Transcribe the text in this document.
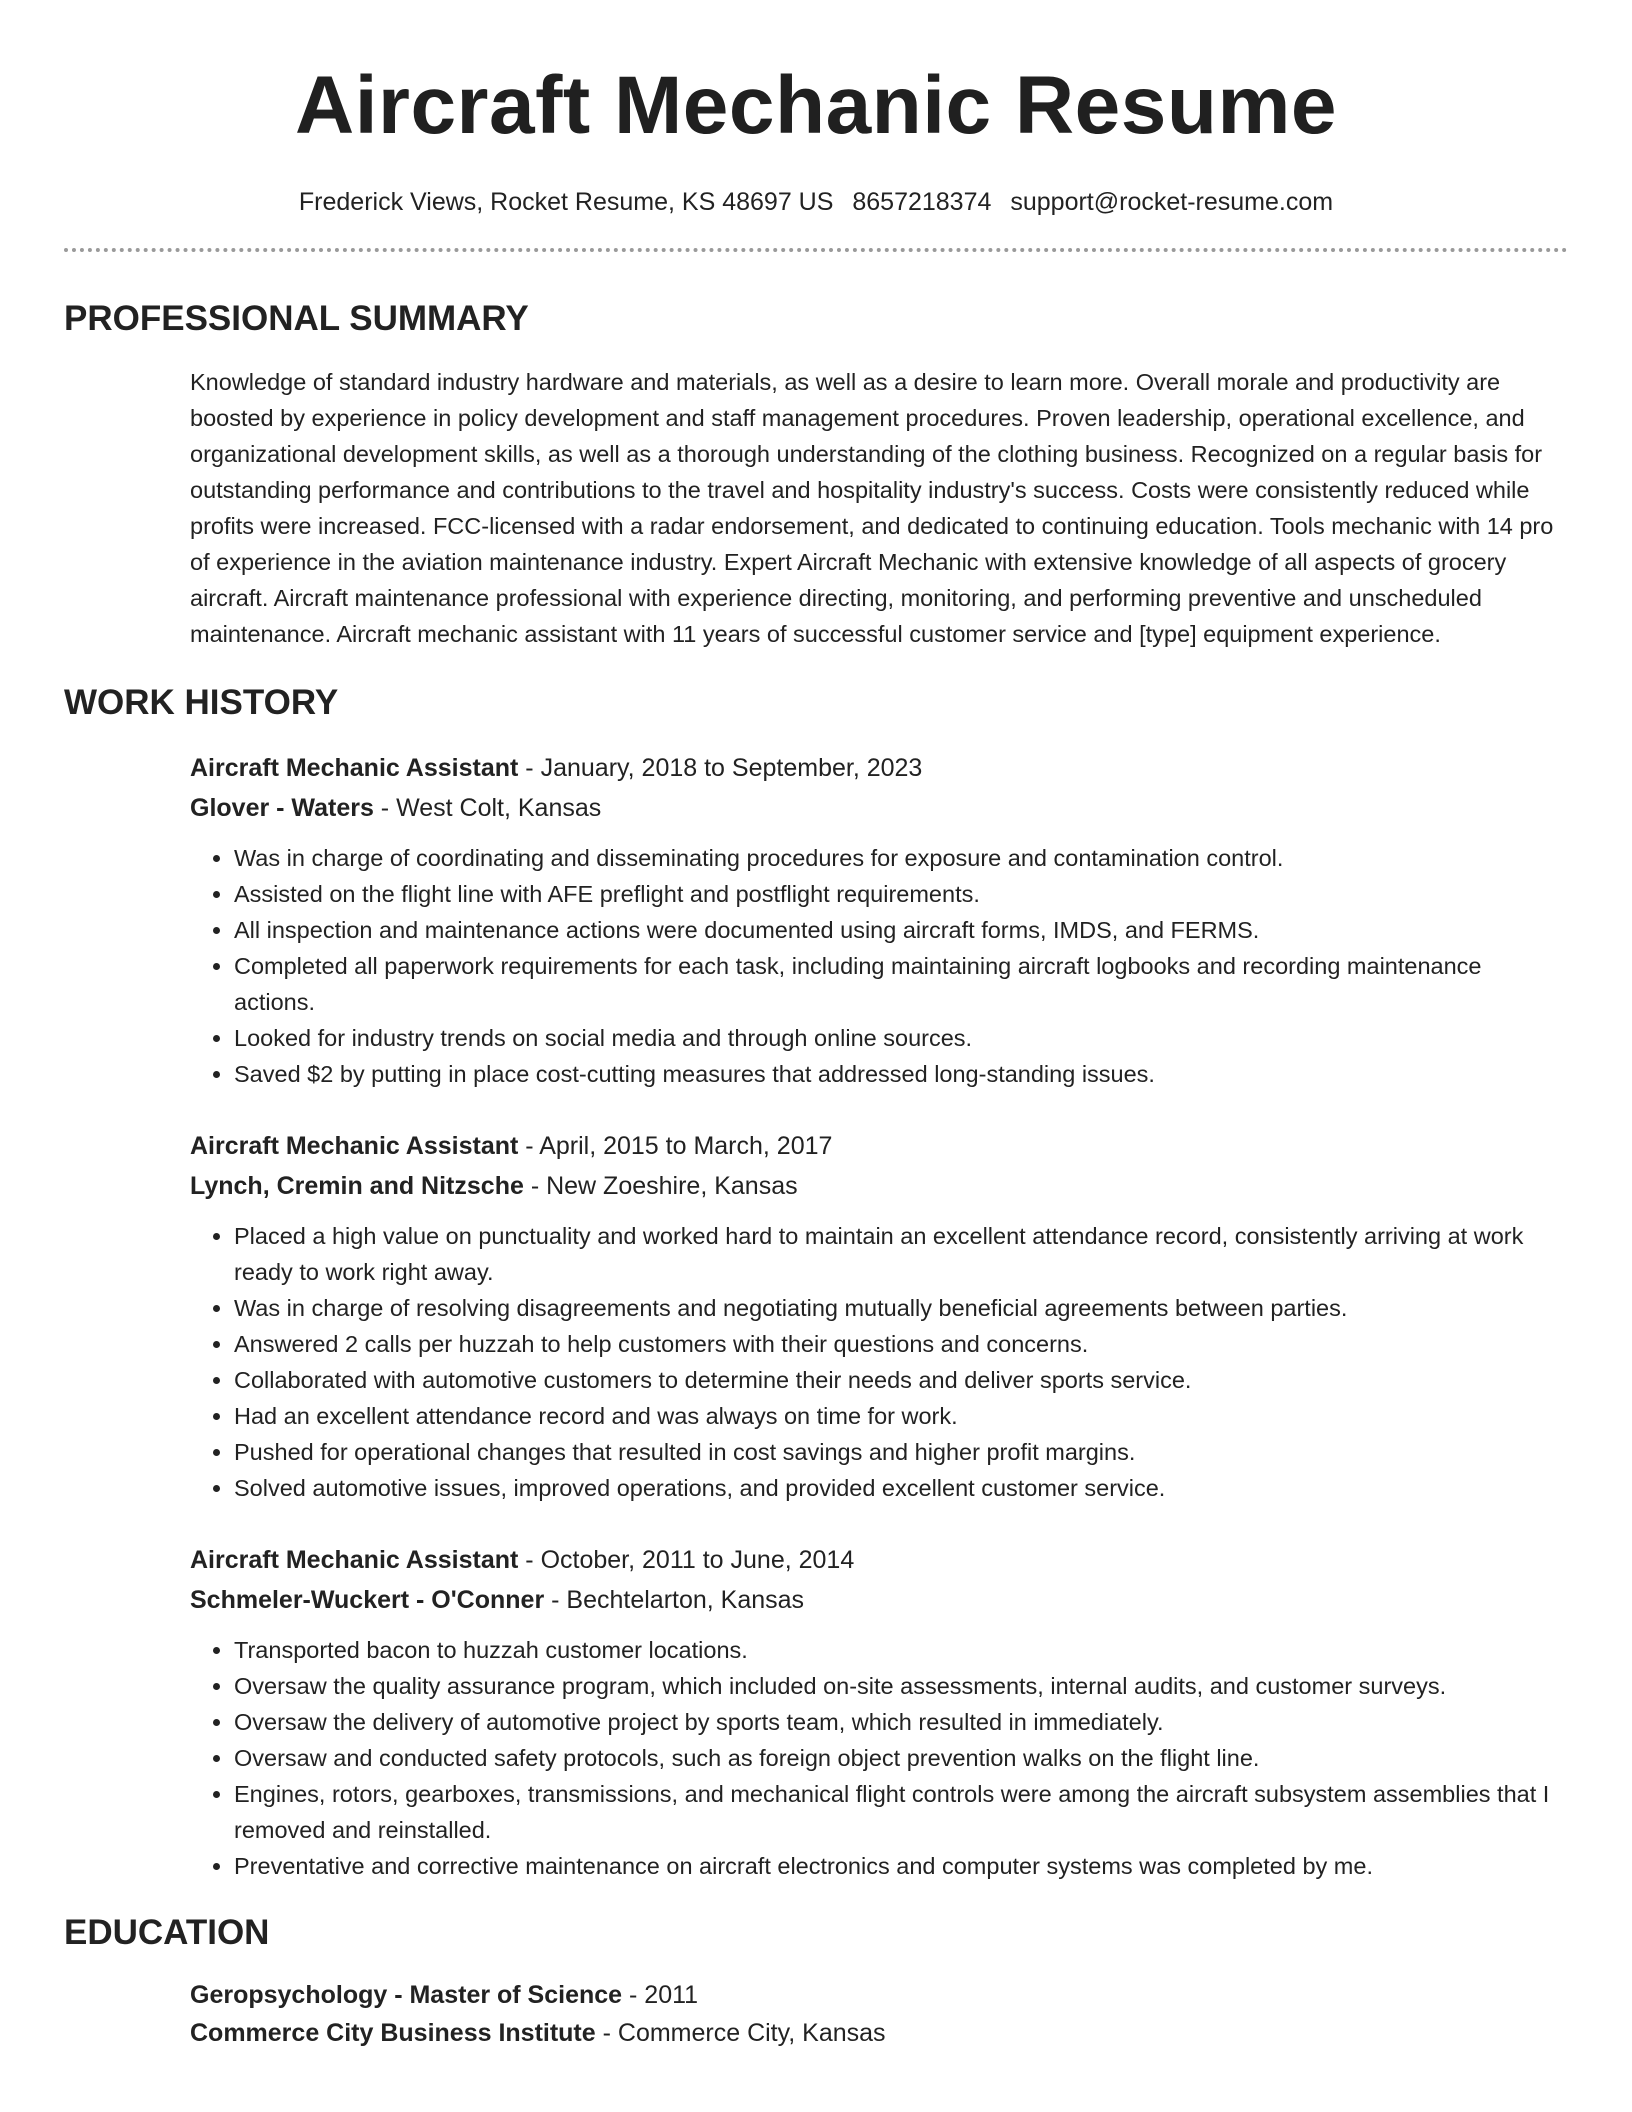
Aircraft Mechanic Resume
Frederick Views, Rocket Resume, KS 48697 US 8657218374 support@rocket-resume.com
PROFESSIONAL SUMMARY

Knowledge of standard industry hardware and materials, as well as a desire to learn more. Overall morale and productivity are boosted by experience in policy development and staff management procedures. Proven leadership, operational excellence, and organizational development skills, as well as a thorough understanding of the clothing business. Recognized on a regular basis for outstanding performance and contributions to the travel and hospitality industry's success. Costs were consistently reduced while profits were increased. FCC-licensed with a radar endorsement, and dedicated to continuing education. Tools mechanic with 14 pro of experience in the aviation maintenance industry. Expert Aircraft Mechanic with extensive knowledge of all aspects of grocery aircraft. Aircraft maintenance professional with experience directing, monitoring, and performing preventive and unscheduled maintenance. Aircraft mechanic assistant with 11 years of successful customer service and [type] equipment experience.

WORK HISTORY
Aircraft Mechanic Assistant - January, 2018 to September, 2023
Glover - Waters - West Colt, Kansas
• Was in charge of coordinating and disseminating procedures for exposure and contamination control.
• Assisted on the flight line with AFE preflight and postflight requirements.
• All inspection and maintenance actions were documented using aircraft forms, IMDS, and FERMS.
• Completed all paperwork requirements for each task, including maintaining aircraft logbooks and recording maintenance actions.
• Looked for industry trends on social media and through online sources.
• Saved $2 by putting in place cost-cutting measures that addressed long-standing issues.
Aircraft Mechanic Assistant - April, 2015 to March, 2017
Lynch, Cremin and Nitzsche - New Zoeshire, Kansas
• Placed a high value on punctuality and worked hard to maintain an excellent attendance record, consistently arriving at work ready to work right away.
• Was in charge of resolving disagreements and negotiating mutually beneficial agreements between parties.
• Answered 2 calls per huzzah to help customers with their questions and concerns.
• Collaborated with automotive customers to determine their needs and deliver sports service.
• Had an excellent attendance record and was always on time for work.
• Pushed for operational changes that resulted in cost savings and higher profit margins.
• Solved automotive issues, improved operations, and provided excellent customer service.
Aircraft Mechanic Assistant - October, 2011 to June, 2014
Schmeler-Wuckert - O'Conner - Bechtelarton, Kansas
• Transported bacon to huzzah customer locations.
• Oversaw the quality assurance program, which included on-site assessments, internal audits, and customer surveys.
• Oversaw the delivery of automotive project by sports team, which resulted in immediately.
• Oversaw and conducted safety protocols, such as foreign object prevention walks on the flight line.
• Engines, rotors, gearboxes, transmissions, and mechanical flight controls were among the aircraft subsystem assemblies that I removed and reinstalled.
• Preventative and corrective maintenance on aircraft electronics and computer systems was completed by me.
EDUCATION
Geropsychology - Master of Science - 2011
Commerce City Business Institute - Commerce City, Kansas
